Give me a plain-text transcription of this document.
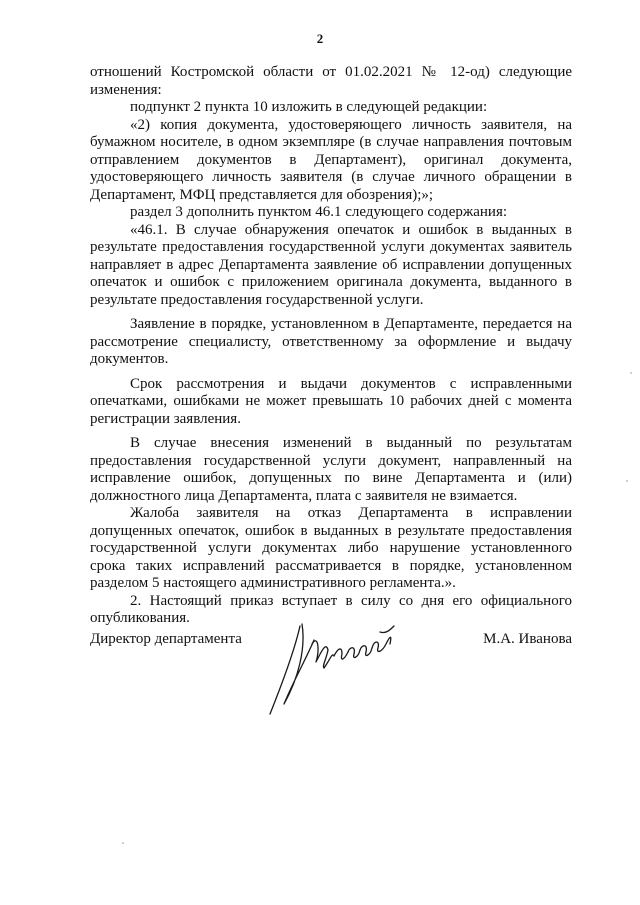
2

отношений Костромской области от 01.02.2021 № 12-од) следующие изменения:

подпункт 2 пункта 10 изложить в следующей редакции:

«2) копия документа, удостоверяющего личность заявителя, на бумажном носителе, в одном экземпляре (в случае направления почтовым отправлением документов в Департамент), оригинал документа, удостоверяющего личность заявителя (в случае личного обращении в Департамент, МФЦ представляется для обозрения);»;

раздел 3 дополнить пунктом 46.1 следующего содержания:

«46.1. В случае обнаружения опечаток и ошибок в выданных в результате предоставления государственной услуги документах заявитель направляет в адрес Департамента заявление об исправлении допущенных опечаток и ошибок с приложением оригинала документа, выданного в результате предоставления государственной услуги.

Заявление в порядке, установленном в Департаменте, передается на рассмотрение специалисту, ответственному за оформление и выдачу документов.

Срок рассмотрения и выдачи документов с исправленными опечатками, ошибками не может превышать 10 рабочих дней с момента регистрации заявления.

В случае внесения изменений в выданный по результатам предоставления государственной услуги документ, направленный на исправление ошибок, допущенных по вине Департамента и (или) должностного лица Департамента, плата с заявителя не взимается.

Жалоба заявителя на отказ Департамента в исправлении допущенных опечаток, ошибок в выданных в результате предоставления государственной услуги документах либо нарушение установленного срока таких исправлений рассматривается в порядке, установленном разделом 5 настоящего административного регламента.».

2. Настоящий приказ вступает в силу со дня его официального опубликования.

Директор департамента	М.А. Иванова
